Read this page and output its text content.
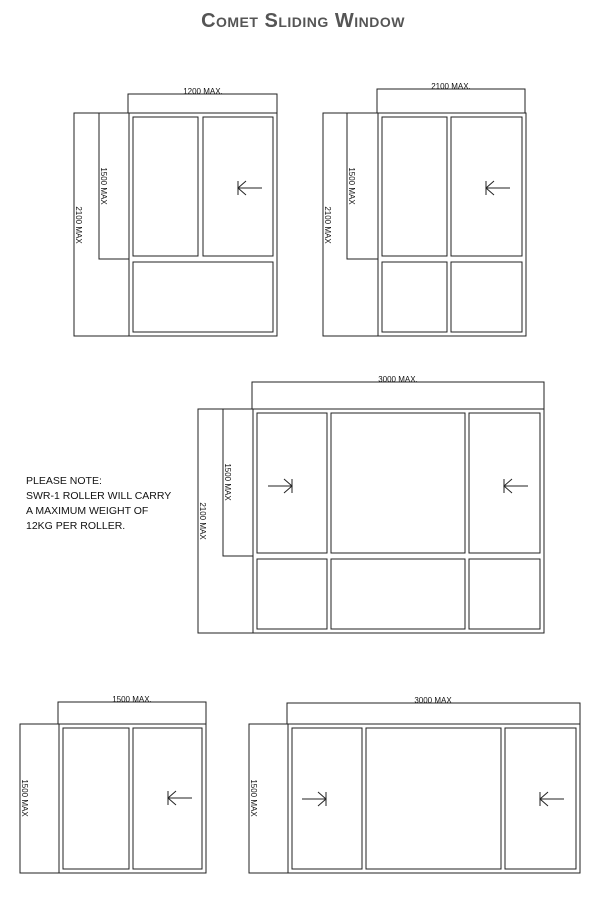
Comet Sliding Window
1200 MAX.
2100 MAX
1500 MAX
2100 MAX.
2100 MAX
1500 MAX
3000 MAX.
2100 MAX
1500 MAX
1500 MAX.
1500 MAX
3000 MAX
1500 MAX
PLEASE NOTE:
SWR-1 ROLLER WILL CARRY
A MAXIMUM WEIGHT OF
12KG PER ROLLER.
